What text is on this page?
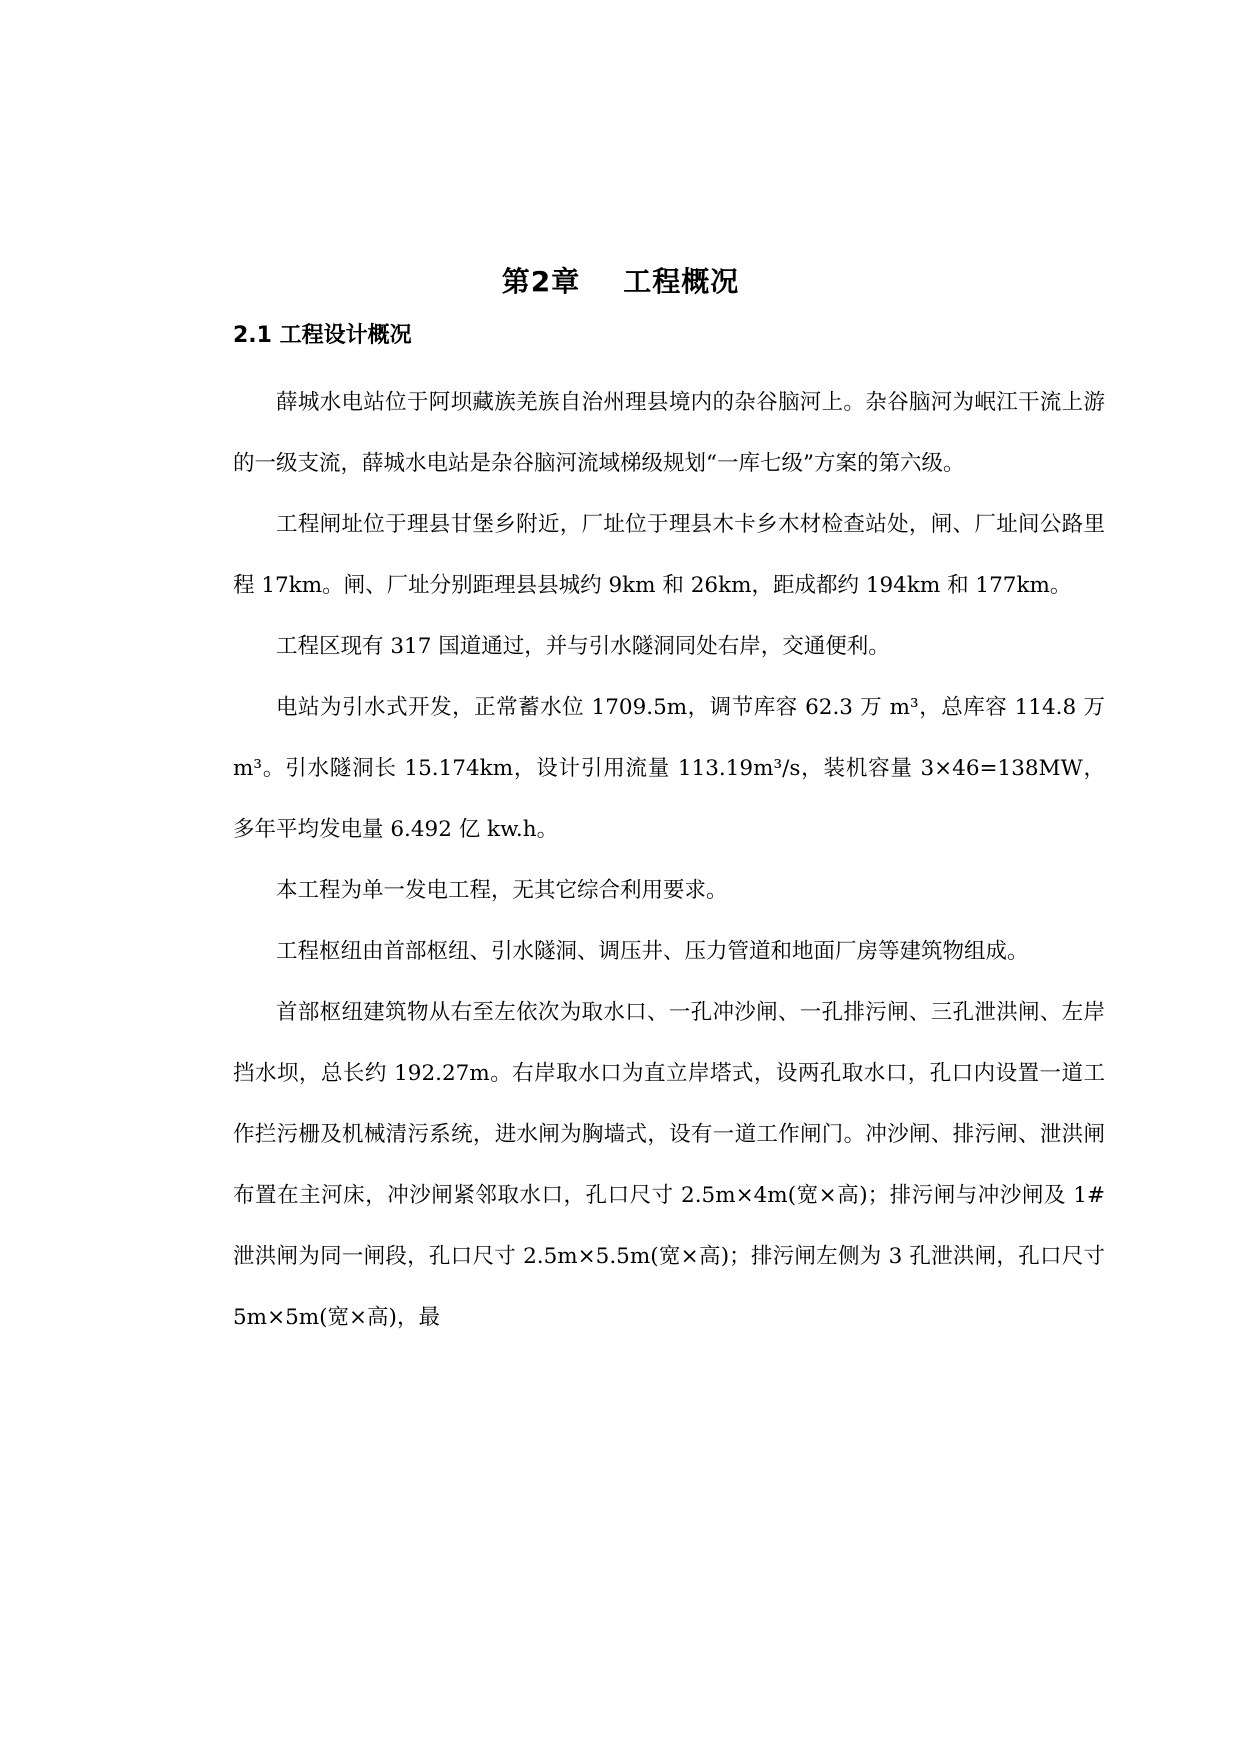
第2章    工程概况
2.1 工程设计概况

薛城水电站位于阿坝藏族羌族自治州理县境内的杂谷脑河上。杂谷脑河为岷江干流上游的一级支流，薛城水电站是杂谷脑河流域梯级规划“一库七级”方案的第六级。

工程闸址位于理县甘堡乡附近，厂址位于理县木卡乡木材检查站处，闸、厂址间公路里程 17km。闸、厂址分别距理县县城约 9km 和 26km，距成都约 194km 和 177km。

工程区现有 317 国道通过，并与引水隧洞同处右岸，交通便利。

电站为引水式开发，正常蓄水位 1709.5m，调节库容 62.3 万 m³，总库容 114.8 万 m³。引水隧洞长 15.174km，设计引用流量 113.19m³/s，装机容量 3×46=138MW，多年平均发电量 6.492 亿 kw.h。

本工程为单一发电工程，无其它综合利用要求。

工程枢纽由首部枢纽、引水隧洞、调压井、压力管道和地面厂房等建筑物组成。

首部枢纽建筑物从右至左依次为取水口、一孔冲沙闸、一孔排污闸、三孔泄洪闸、左岸挡水坝，总长约 192.27m。右岸取水口为直立岸塔式，设两孔取水口，孔口内设置一道工作拦污栅及机械清污系统，进水闸为胸墙式，设有一道工作闸门。冲沙闸、排污闸、泄洪闸布置在主河床，冲沙闸紧邻取水口，孔口尺寸 2.5m×4m(宽×高)；排污闸与冲沙闸及 1#泄洪闸为同一闸段，孔口尺寸 2.5m×5.5m(宽×高)；排污闸左侧为 3 孔泄洪闸，孔口尺寸 5m×5m(宽×高)，最
